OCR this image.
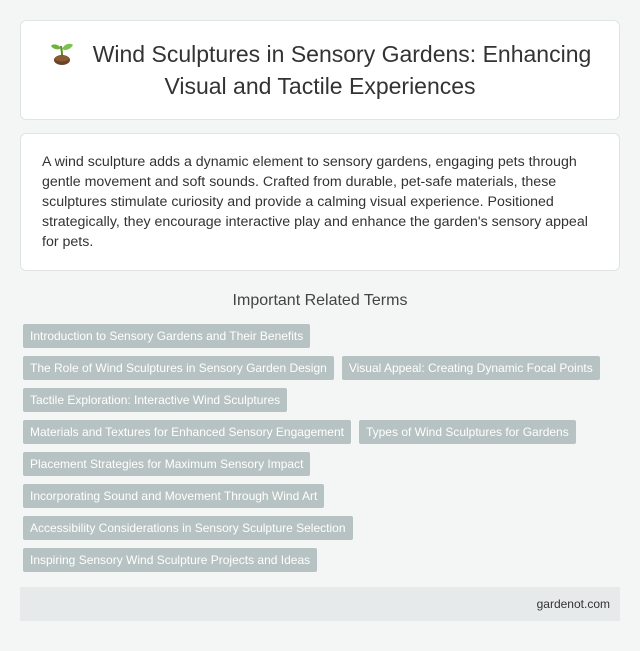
Wind Sculptures in Sensory Gardens: Enhancing Visual and Tactile Experiences

A wind sculpture adds a dynamic element to sensory gardens, engaging pets through gentle movement and soft sounds. Crafted from durable, pet-safe materials, these sculptures stimulate curiosity and provide a calming visual experience. Positioned strategically, they encourage interactive play and enhance the garden's sensory appeal for pets.

Important Related Terms
Introduction to Sensory Gardens and Their Benefits
The Role of Wind Sculptures in Sensory Garden Design	Visual Appeal: Creating Dynamic Focal Points
Tactile Exploration: Interactive Wind Sculptures
Materials and Textures for Enhanced Sensory Engagement	Types of Wind Sculptures for Gardens
Placement Strategies for Maximum Sensory Impact
Incorporating Sound and Movement Through Wind Art
Accessibility Considerations in Sensory Sculpture Selection
Inspiring Sensory Wind Sculpture Projects and Ideas
gardenot.com
